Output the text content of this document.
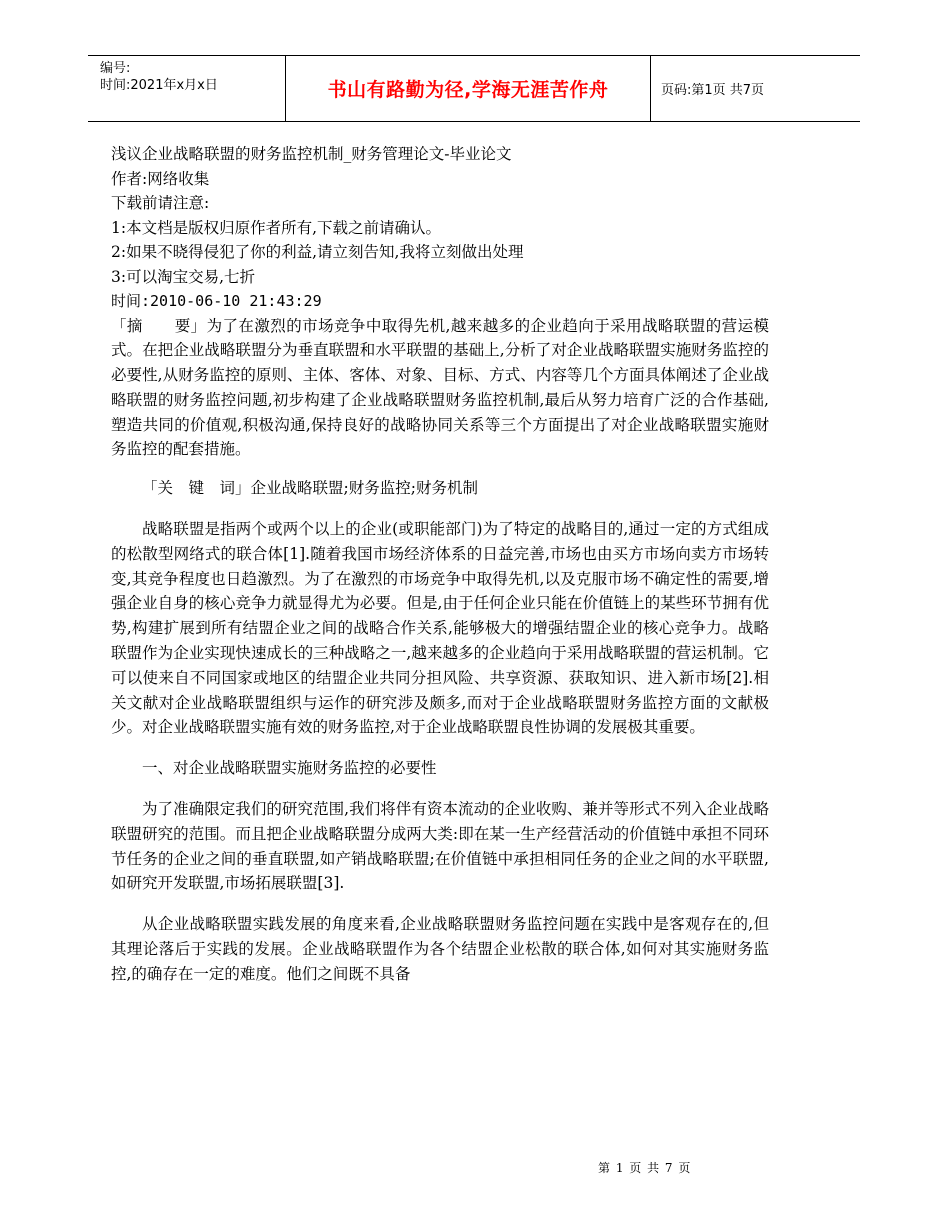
编号:
时间:2021年x月x日	书山有路勤为径,学海无涯苦作舟	页码:第1页 共7页
浅议企业战略联盟的财务监控机制_财务管理论文-毕业论文
作者:网络收集
下载前请注意:
1:本文档是版权归原作者所有,下载之前请确认。
2:如果不晓得侵犯了你的利益,请立刻告知,我将立刻做出处理
3:可以淘宝交易,七折
时间:2010-06-10 21:43:29

「摘　　要」为了在激烈的市场竞争中取得先机,越来越多的企业趋向于采用战略联盟的营运模式。在把企业战略联盟分为垂直联盟和水平联盟的基础上,分析了对企业战略联盟实施财务监控的必要性,从财务监控的原则、主体、客体、对象、目标、方式、内容等几个方面具体阐述了企业战略联盟的财务监控问题,初步构建了企业战略联盟财务监控机制,最后从努力培育广泛的合作基础,塑造共同的价值观,积极沟通,保持良好的战略协同关系等三个方面提出了对企业战略联盟实施财务监控的配套措施。

「关　键　词」企业战略联盟;财务监控;财务机制

战略联盟是指两个或两个以上的企业(或职能部门)为了特定的战略目的,通过一定的方式组成的松散型网络式的联合体[1].随着我国市场经济体系的日益完善,市场也由买方市场向卖方市场转变,其竞争程度也日趋激烈。为了在激烈的市场竞争中取得先机,以及克服市场不确定性的需要,增强企业自身的核心竞争力就显得尤为必要。但是,由于任何企业只能在价值链上的某些环节拥有优势,构建扩展到所有结盟企业之间的战略合作关系,能够极大的增强结盟企业的核心竞争力。战略联盟作为企业实现快速成长的三种战略之一,越来越多的企业趋向于采用战略联盟的营运机制。它可以使来自不同国家或地区的结盟企业共同分担风险、共享资源、获取知识、进入新市场[2].相关文献对企业战略联盟组织与运作的研究涉及颇多,而对于企业战略联盟财务监控方面的文献极少。对企业战略联盟实施有效的财务监控,对于企业战略联盟良性协调的发展极其重要。

一、对企业战略联盟实施财务监控的必要性

为了准确限定我们的研究范围,我们将伴有资本流动的企业收购、兼并等形式不列入企业战略联盟研究的范围。而且把企业战略联盟分成两大类:即在某一生产经营活动的价值链中承担不同环节任务的企业之间的垂直联盟,如产销战略联盟;在价值链中承担相同任务的企业之间的水平联盟,如研究开发联盟,市场拓展联盟[3].

从企业战略联盟实践发展的角度来看,企业战略联盟财务监控问题在实践中是客观存在的,但其理论落后于实践的发展。企业战略联盟作为各个结盟企业松散的联合体,如何对其实施财务监控,的确存在一定的难度。他们之间既不具备

第 1 页 共 7 页
